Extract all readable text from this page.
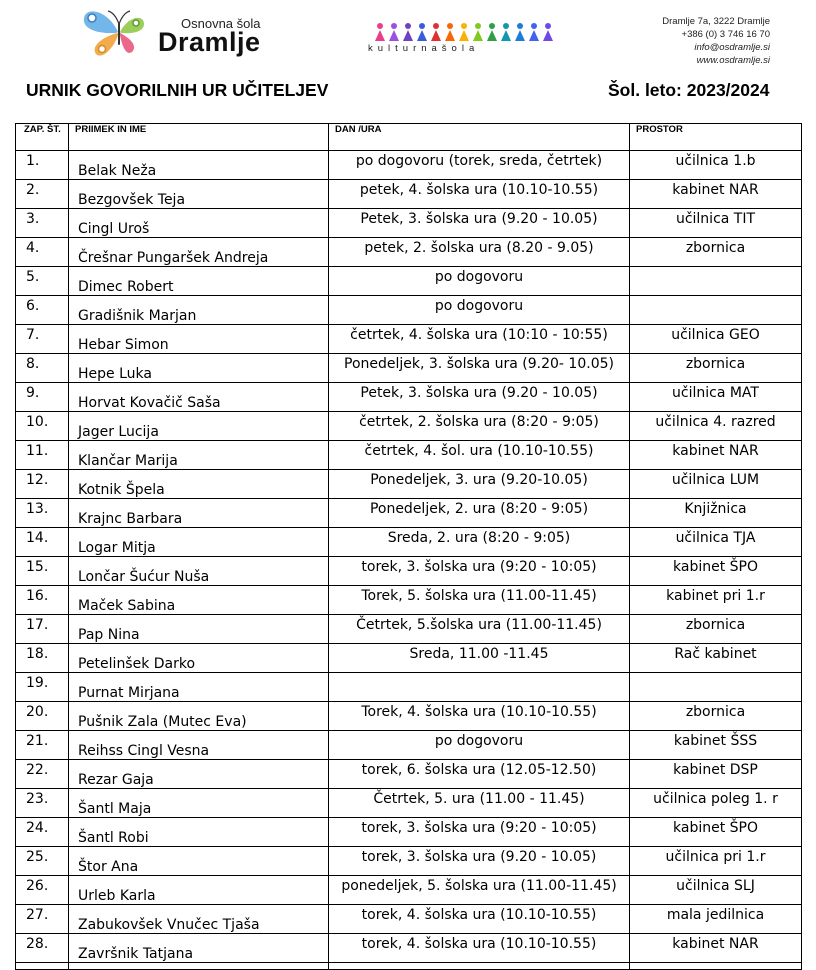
Osnovna šola
Dramlje	kulturnašola
Dramlje 7a, 3222 Dramlje
+386 (0) 3 746 16 70
info@osdramlje.si
www.osdramlje.si
URNIK GOVORILNIH UR UČITELJEV	Šol. leto: 2023/2024
ZAP. ŠT.	PRIIMEK IN IME	DAN /URA	PROSTOR
1.	Belak Neža	po dogovoru (torek, sreda, četrtek)	učilnica 1.b
2.	Bezgovšek Teja	petek, 4. šolska ura (10.10-10.55)	kabinet NAR
3.	Cingl Uroš	Petek, 3. šolska ura (9.20 - 10.05)	učilnica TIT
4.	Črešnar Pungaršek Andreja	petek, 2. šolska ura (8.20 - 9.05)	zbornica
5.	Dimec Robert	po dogovoru	
6.	Gradišnik Marjan	po dogovoru	
7.	Hebar Simon	četrtek, 4. šolska ura (10:10 - 10:55)	učilnica GEO
8.	Hepe Luka	Ponedeljek, 3. šolska ura (9.20- 10.05)	zbornica
9.	Horvat Kovačič Saša	Petek, 3. šolska ura (9.20 - 10.05)	učilnica MAT
10.	Jager Lucija	četrtek, 2. šolska ura (8:20 - 9:05)	učilnica 4. razred
11.	Klančar Marija	četrtek, 4. šol. ura (10.10-10.55)	kabinet NAR
12.	Kotnik Špela	Ponedeljek, 3. ura (9.20-10.05)	učilnica LUM
13.	Krajnc Barbara	Ponedeljek, 2. ura (8:20 - 9:05)	Knjižnica
14.	Logar Mitja	Sreda, 2. ura (8:20 - 9:05)	učilnica TJA
15.	Lončar Šućur Nuša	torek, 3. šolska ura (9:20 - 10:05)	kabinet ŠPO
16.	Maček Sabina	Torek, 5. šolska ura (11.00-11.45)	kabinet pri 1.r
17.	Pap Nina	Četrtek, 5.šolska ura (11.00-11.45)	zbornica
18.	Petelinšek Darko	Sreda, 11.00 -11.45	Rač kabinet
19.	Purnat Mirjana		
20.	Pušnik Zala (Mutec Eva)	Torek, 4. šolska ura (10.10-10.55)	zbornica
21.	Reihss Cingl Vesna	po dogovoru	kabinet ŠSS
22.	Rezar Gaja	torek, 6. šolska ura (12.05-12.50)	kabinet DSP
23.	Šantl Maja	Četrtek, 5. ura (11.00 - 11.45)	učilnica poleg 1. r
24.	Šantl Robi	torek, 3. šolska ura (9:20 - 10:05)	kabinet ŠPO
25.	Štor Ana	torek, 3. šolska ura (9.20 - 10.05)	učilnica pri 1.r
26.	Urleb Karla	ponedeljek, 5. šolska ura (11.00-11.45)	učilnica SLJ
27.	Zabukovšek Vnučec Tjaša	torek, 4. šolska ura (10.10-10.55)	mala jedilnica
28.	Završnik Tatjana	torek, 4. šolska ura (10.10-10.55)	kabinet NAR
